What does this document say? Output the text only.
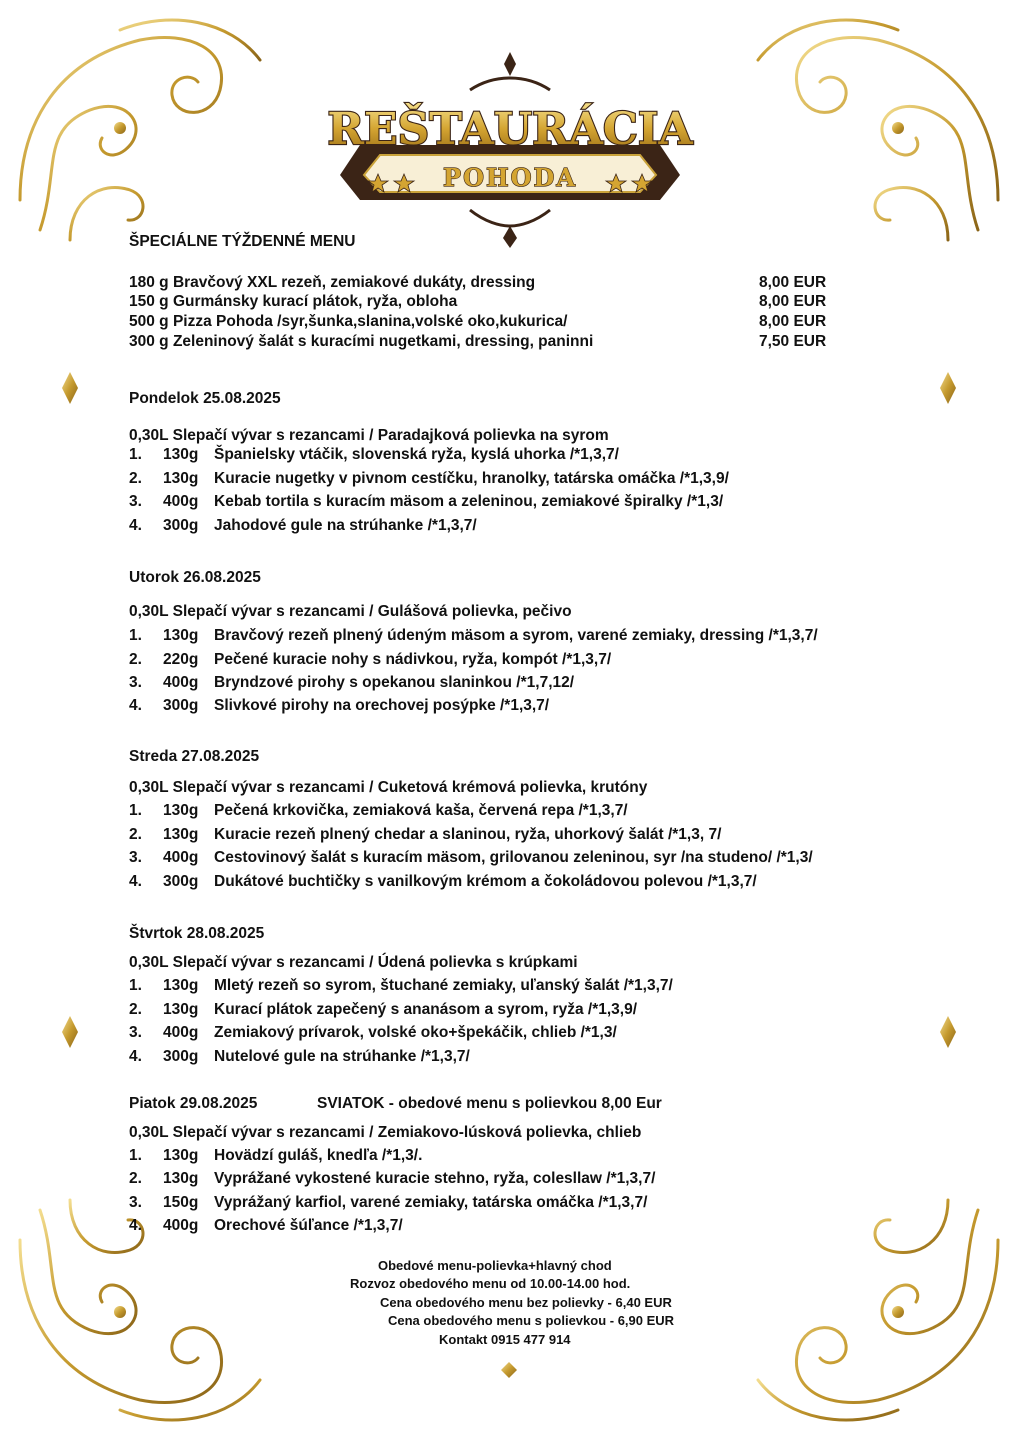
REŠTAURÁCIA
POHODA
ŠPECIÁLNE TÝŽDENNÉ MENU
180 g Bravčový XXL rezeň, zemiakové dukáty, dressing	8,00 EUR
150 g Gurmánsky kurací plátok, ryža, obloha	8,00 EUR
500 g Pizza Pohoda /syr,šunka,slanina,volské oko,kukurica/	8,00 EUR
300 g Zeleninový šalát s kuracími nugetkami, dressing, paninni	7,50 EUR
Pondelok 25.08.2025
0,30L Slepačí vývar s rezancami / Paradajková polievka na syrom
1. 130g Španielsky vtáčik, slovenská ryža, kyslá uhorka /*1,3,7/
2. 130g Kuracie nugetky v pivnom cestíčku, hranolky, tatárska omáčka /*1,3,9/
3. 400g Kebab tortila s kuracím mäsom a zeleninou, zemiakové špiralky /*1,3/
4. 300g Jahodové gule na strúhanke /*1,3,7/
Utorok 26.08.2025
0,30L Slepačí vývar s rezancami / Gulášová polievka, pečivo
1. 130g Bravčový rezeň plnený údeným mäsom a syrom, varené zemiaky, dressing /*1,3,7/
2. 220g Pečené kuracie nohy s nádivkou, ryža, kompót /*1,3,7/
3. 400g Bryndzové pirohy s opekanou slaninkou /*1,7,12/
4. 300g Slivkové pirohy na orechovej posýpke /*1,3,7/
Streda 27.08.2025
0,30L Slepačí vývar s rezancami / Cuketová krémová polievka, krutóny
1. 130g Pečená krkovička, zemiaková kaša, červená repa /*1,3,7/
2. 130g Kuracie rezeň plnený chedar a slaninou, ryža, uhorkový šalát /*1,3, 7/
3. 400g Cestovinový šalát s kuracím mäsom, grilovanou zeleninou, syr /na studeno/ /*1,3/
4. 300g Dukátové buchtičky s vanilkovým krémom a čokoládovou polevou /*1,3,7/
Štvrtok 28.08.2025
0,30L Slepačí vývar s rezancami / Údená polievka s krúpkami
1. 130g Mletý rezeň so syrom, štuchané zemiaky, uľanský šalát /*1,3,7/
2. 130g Kurací plátok zapečený s ananásom a syrom, ryža /*1,3,9/
3. 400g Zemiakový prívarok, volské oko+špekáčik, chlieb /*1,3/
4. 300g Nutelové gule na strúhanke /*1,3,7/
Piatok 29.08.2025	SVIATOK - obedové menu s polievkou 8,00 Eur
0,30L Slepačí vývar s rezancami / Zemiakovo-lúsková polievka, chlieb
1. 130g Hovädzí guláš, knedľa /*1,3/.
2. 130g Vyprážané vykostené kuracie stehno, ryža, colesllaw /*1,3,7/
3. 150g Vyprážaný karfiol, varené zemiaky, tatárska omáčka /*1,3,7/
4. 400g Orechové šúľance /*1,3,7/
Obedové menu-polievka+hlavný chod
Rozvoz obedového menu od 10.00-14.00 hod.
Cena obedového menu bez polievky - 6,40 EUR
Cena obedového menu s polievkou - 6,90 EUR
Kontakt 0915 477 914
